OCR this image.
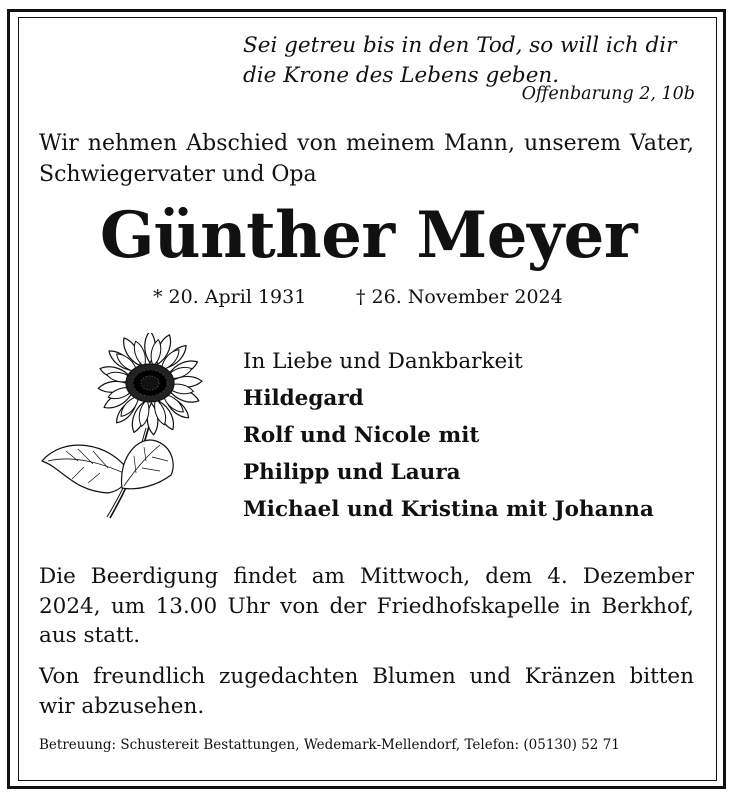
Sei getreu bis in den Tod, so will ich dir

die Krone des Lebens geben.

Offenbarung 2, 10b

Wir nehmen Abschied von meinem Mann, unserem Vater, Schwiegervater und Opa

Günther Meyer

* 20. April 1931	† 26. November 2024

In Liebe und Dankbarkeit

Hildegard

Rolf und Nicole mit

Philipp und Laura

Michael und Kristina mit Johanna

Die Beerdigung findet am Mittwoch, dem 4. Dezember 2024, um 13.00 Uhr von der Friedhofskapelle in Berkhof, aus statt.

Von freundlich zugedachten Blumen und Kränzen bitten wir abzusehen.

Betreuung: Schustereit Bestattungen, Wedemark-Mellendorf, Telefon: (05130) 52 71
